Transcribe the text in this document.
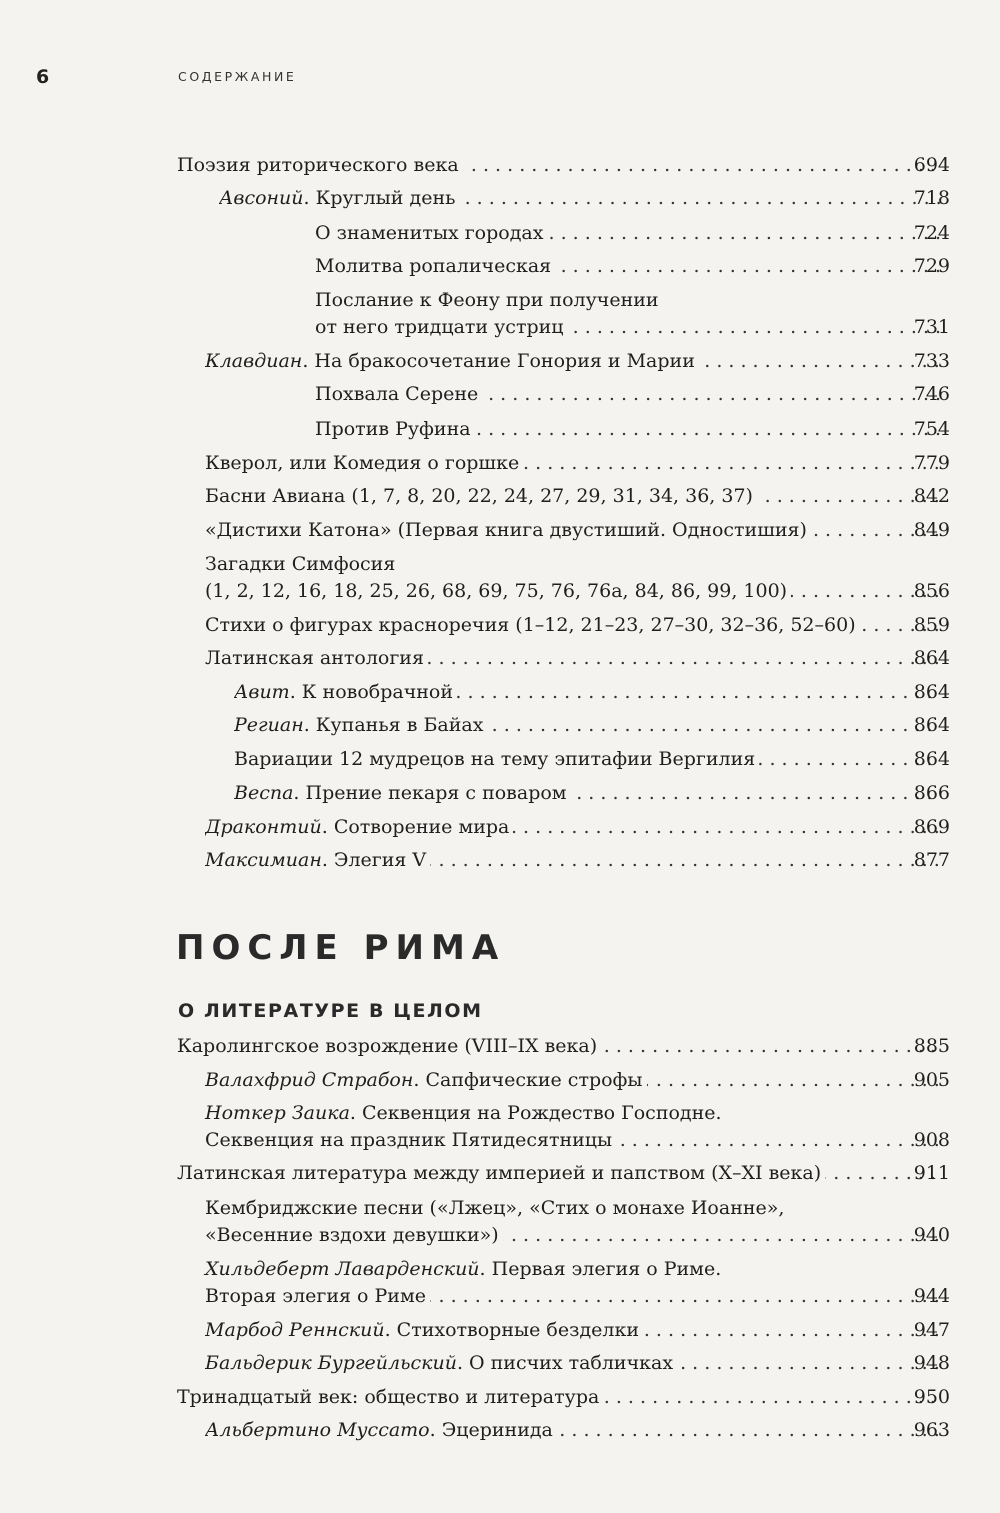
6	СОДЕРЖАНИЕ
Поэзия риторического века . . .	694
Авсоний. Круглый день . . .	718
О знаменитых городах . . .	724
Молитва ропалическая . . .	729
Послание к Феону при получении
от него тридцати устриц . . .	731
Клавдиан. На бракосочетание Гонория и Марии . . .	733
Похвала Серене . . .	746
Против Руфина . . .	754
Кверол, или Комедия о горшке . . .	779
Басни Авиана (1, 7, 8, 20, 22, 24, 27, 29, 31, 34, 36, 37) . . .	842
«Дистихи Катона» (Первая книга двустиший. Одностишия) . . .	849
Загадки Симфосия
(1, 2, 12, 16, 18, 25, 26, 68, 69, 75, 76, 76a, 84, 86, 99, 100) . . .	856
Стихи о фигурах красноречия (1–12, 21–23, 27–30, 32–36, 52–60) . . .	859
Латинская антология . . .	864
Авит. К новобрачной . . .	864
Региан. Купанья в Байах . . .	864
Вариации 12 мудрецов на тему эпитафии Вергилия . . .	864
Веспа. Прение пекаря с поваром . . .	866
Драконтий. Сотворение мира . . .	869
Максимиан. Элегия V . . .	877
ПОСЛЕ РИМА
О ЛИТЕРАТУРЕ В ЦЕЛОМ
Каролингское возрождение (VIII–IX века) . . .	885
Валахфрид Страбон. Сапфические строфы . . .	905
Ноткер Заика. Секвенция на Рождество Господне.
Секвенция на праздник Пятидесятницы . . .	908
Латинская литература между империей и папством (X–XI века) . . .	911
Кембриджские песни («Лжец», «Стих о монахе Иоанне»,
«Весенние вздохи девушки») . . .	940
Хильдеберт Лаварденский. Первая элегия о Риме.
Вторая элегия о Риме . . .	944
Марбод Реннский. Стихотворные безделки . . .	947
Бальдерик Бургейльский. О писчих табличках . . .	948
Тринадцатый век: общество и литература . . .	950
Альбертино Муссато. Эцеринида . . .	963
